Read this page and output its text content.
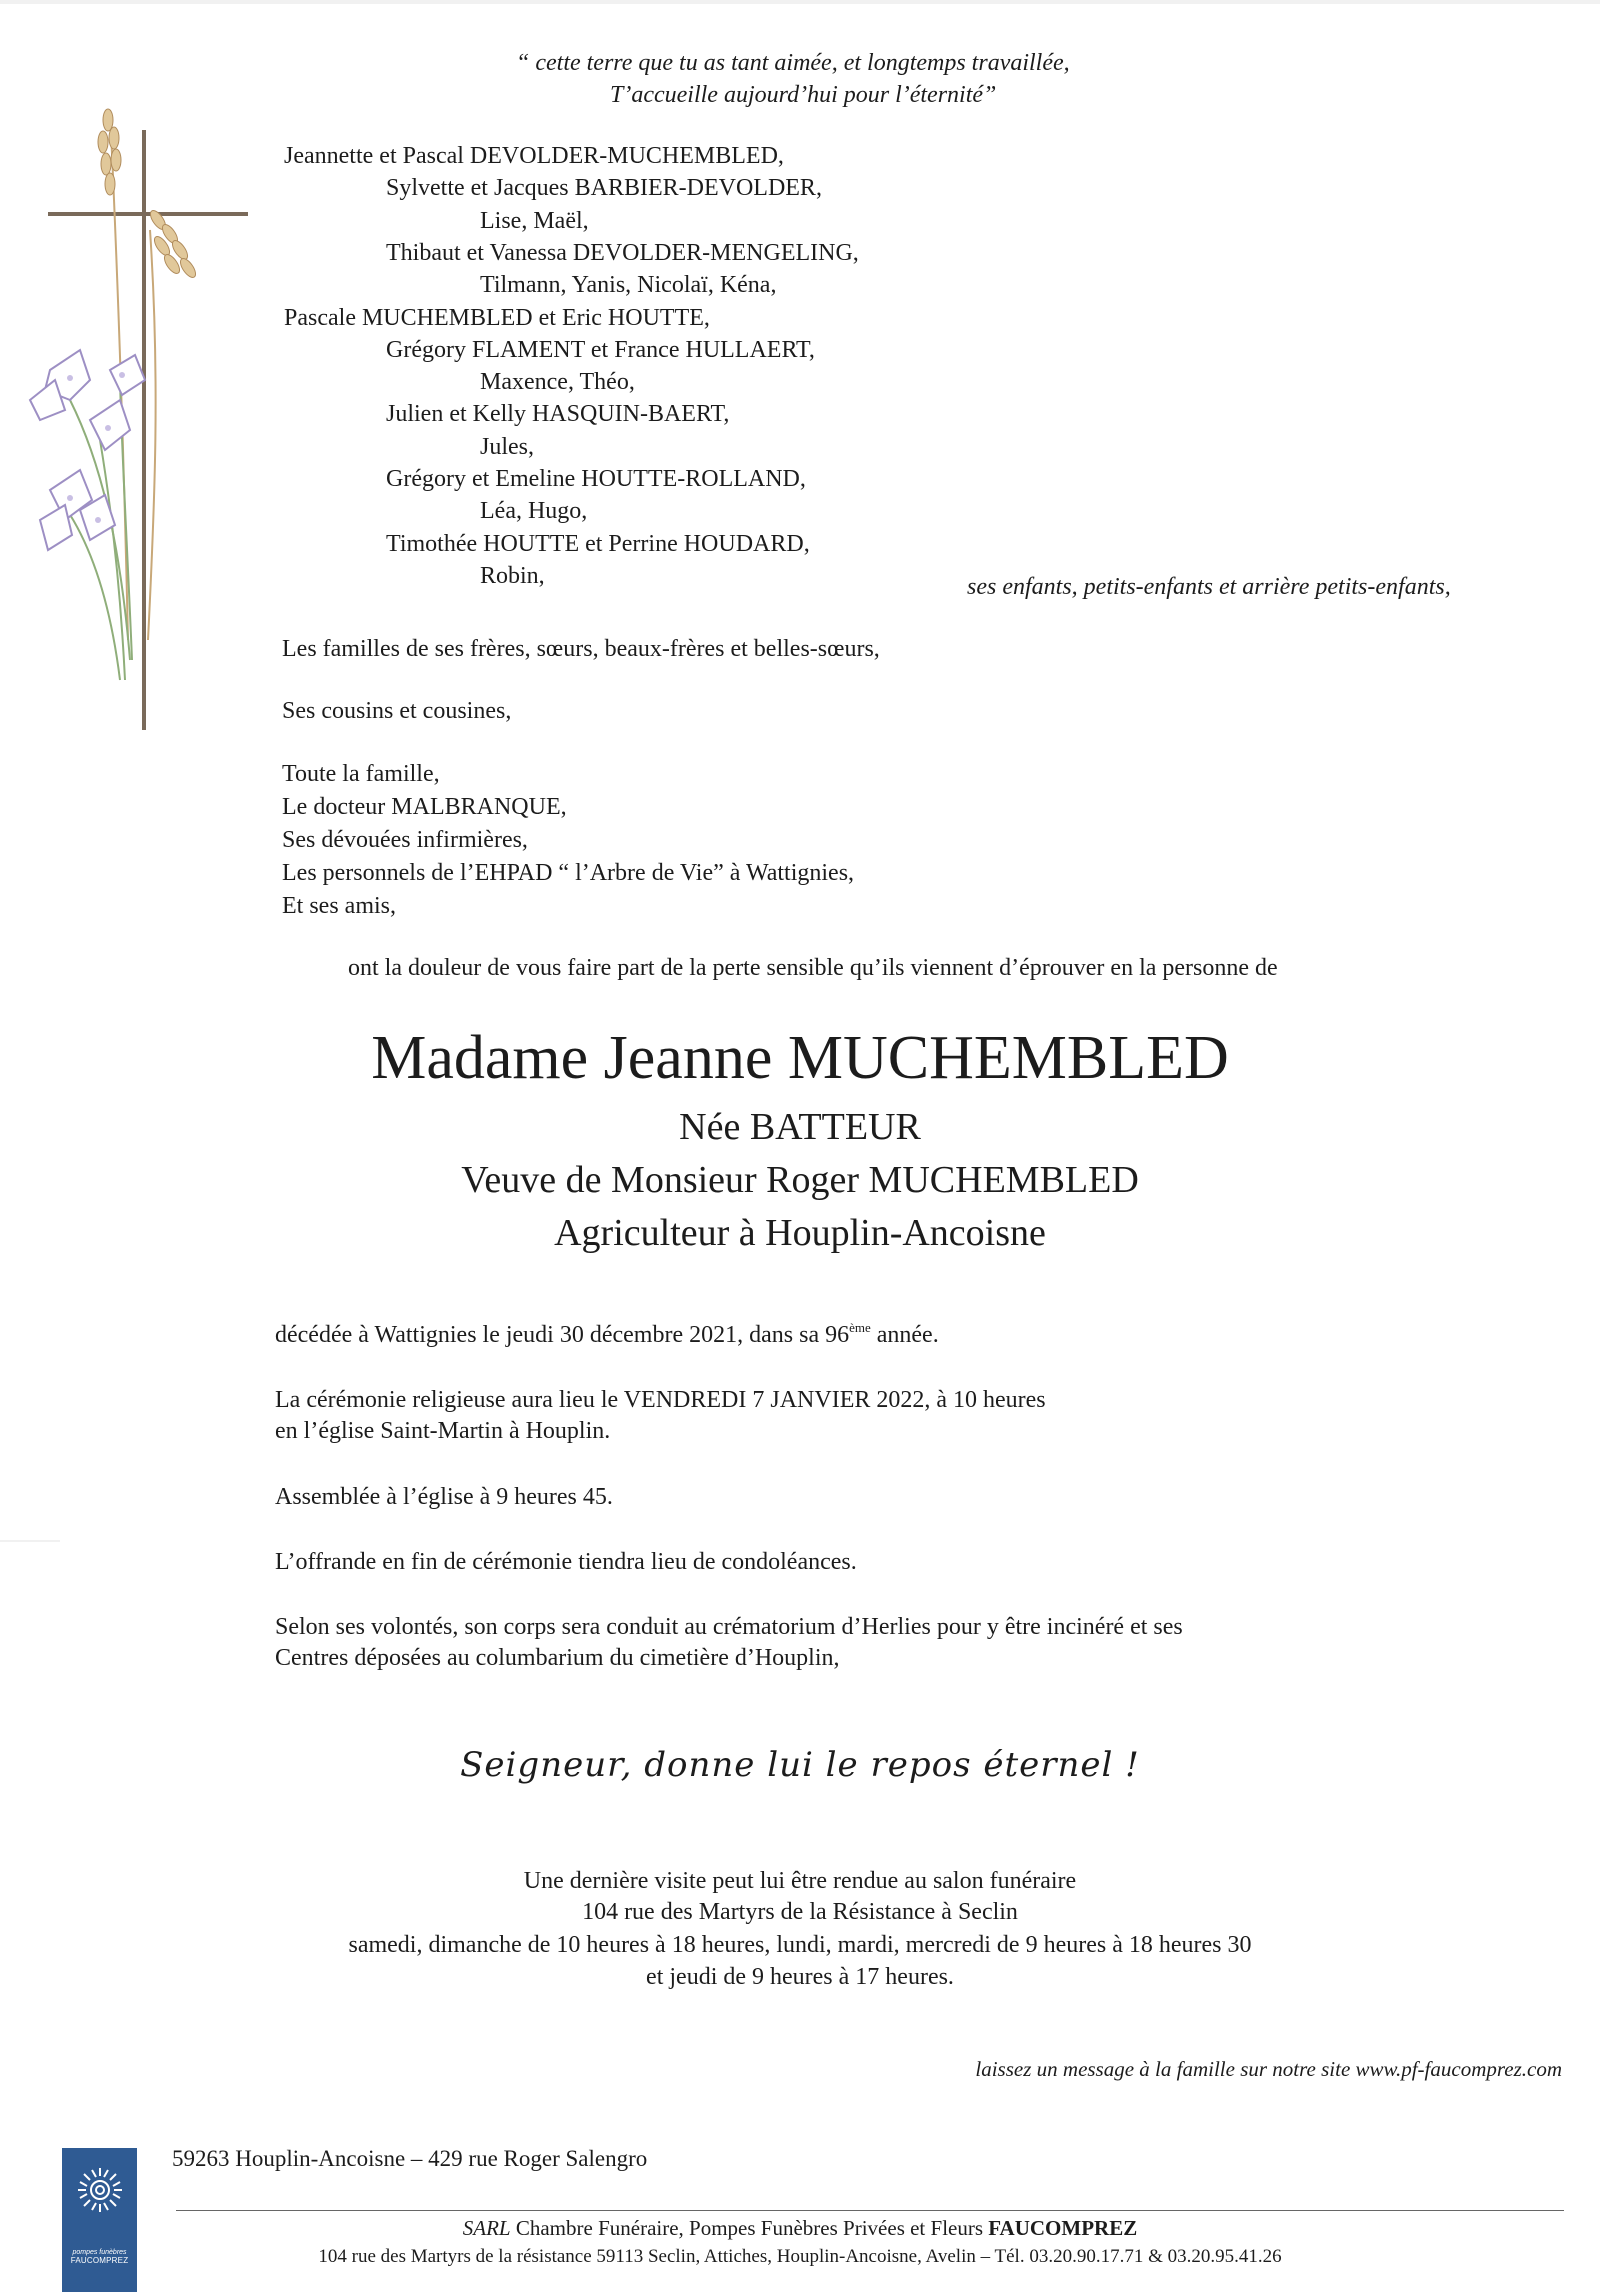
“ cette terre que tu as tant aimée, et longtemps travaillée,
T’accueille aujourd’hui pour l’éternité”
Jeannette et Pascal DEVOLDER-MUCHEMBLED,
Sylvette et Jacques BARBIER-DEVOLDER,
Lise, Maël,
Thibaut et Vanessa DEVOLDER-MENGELING,
Tilmann, Yanis, Nicolaï, Kéna,
Pascale MUCHEMBLED et Eric HOUTTE,
Grégory FLAMENT et France HULLAERT,
Maxence, Théo,
Julien et Kelly HASQUIN-BAERT,
Jules,
Grégory et Emeline HOUTTE-ROLLAND,
Léa, Hugo,
Timothée HOUTTE et Perrine HOUDARD,
Robin,	ses enfants, petits-enfants et arrière petits-enfants,
Les familles de ses frères, sœurs, beaux-frères et belles-sœurs,
Ses cousins et cousines,
Toute la famille,
Le docteur MALBRANQUE,
Ses dévouées infirmières,
Les personnels de l’EHPAD “ l’Arbre de Vie” à Wattignies,
Et ses amis,
ont la douleur de vous faire part de la perte sensible qu’ils viennent d’éprouver en la personne de
Madame Jeanne MUCHEMBLED
Née BATTEUR
Veuve de Monsieur Roger MUCHEMBLED
Agriculteur à Houplin-Ancoisne
décédée à Wattignies le jeudi 30 décembre 2021, dans sa 96ème année.
La cérémonie religieuse aura lieu le VENDREDI 7 JANVIER 2022, à 10 heures
en l’église Saint-Martin à Houplin.
Assemblée à l’église à 9 heures 45.
L’offrande en fin de cérémonie tiendra lieu de condoléances.
Selon ses volontés, son corps sera conduit au crématorium d’Herlies pour y être incinéré et ses
Centres déposées au columbarium du cimetière d’Houplin,
Seigneur, donne lui le repos éternel !
Une dernière visite peut lui être rendue au salon funéraire
104 rue des Martyrs de la Résistance à Seclin
samedi, dimanche de 10 heures à 18 heures, lundi, mardi, mercredi de 9 heures à 18 heures 30
et jeudi de 9 heures à 17 heures.
laissez un message à la famille sur notre site www.pf-faucomprez.com
59263 Houplin-Ancoisne – 429 rue Roger Salengro
pompes funèbres
FAUCOMPREZ
SARL Chambre Funéraire, Pompes Funèbres Privées et Fleurs FAUCOMPREZ
104 rue des Martyrs de la résistance 59113 Seclin, Attiches, Houplin-Ancoisne, Avelin – Tél. 03.20.90.17.71 & 03.20.95.41.26
